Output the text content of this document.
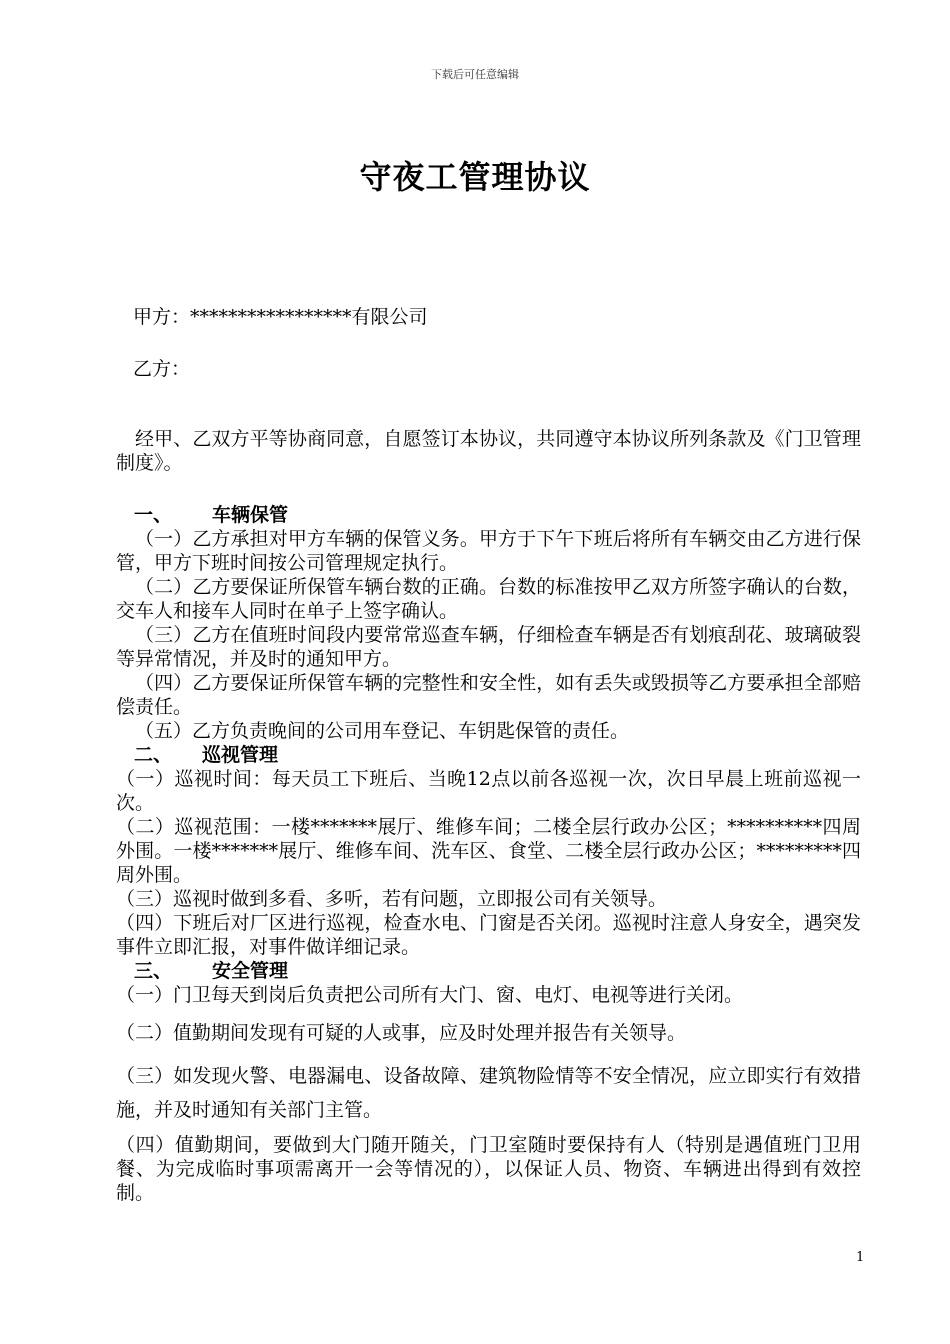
下载后可任意编辑
守夜工管理协议
甲方：*****************有限公司
乙方：

经甲、乙双方平等协商同意，自愿签订本协议，共同遵守本协议所列条款及《门卫管理制度》。

一、 车辆保管

（一）乙方承担对甲方车辆的保管义务。甲方于下午下班后将所有车辆交由乙方进行保管，甲方下班时间按公司管理规定执行。

（二）乙方要保证所保管车辆台数的正确。台数的标准按甲乙双方所签字确认的台数，交车人和接车人同时在单子上签字确认。

（三）乙方在值班时间段内要常常巡查车辆，仔细检查车辆是否有划痕刮花、玻璃破裂等异常情况，并及时的通知甲方。

（四）乙方要保证所保管车辆的完整性和安全性，如有丢失或毁损等乙方要承担全部赔偿责任。

（五）乙方负责晚间的公司用车登记、车钥匙保管的责任。

二、 巡视管理

（一）巡视时间：每天员工下班后、当晚12点以前各巡视一次，次日早晨上班前巡视一次。

（二）巡视范围：一楼*******展厅、维修车间；二楼全层行政办公区；**********四周外围。一楼*******展厅、维修车间、洗车区、食堂、二楼全层行政办公区；*********四周外围。

（三）巡视时做到多看、多听，若有问题，立即报公司有关领导。

（四）下班后对厂区进行巡视，检查水电、门窗是否关闭。巡视时注意人身安全，遇突发事件立即汇报，对事件做详细记录。

三、 安全管理

（一）门卫每天到岗后负责把公司所有大门、窗、电灯、电视等进行关闭。

（二）值勤期间发现有可疑的人或事，应及时处理并报告有关领导。

（三）如发现火警、电器漏电、设备故障、建筑物险情等不安全情况，应立即实行有效措施，并及时通知有关部门主管。

（四）值勤期间，要做到大门随开随关，门卫室随时要保持有人（特别是遇值班门卫用餐、为完成临时事项需离开一会等情况的），以保证人员、物资、车辆进出得到有效控制。

1
